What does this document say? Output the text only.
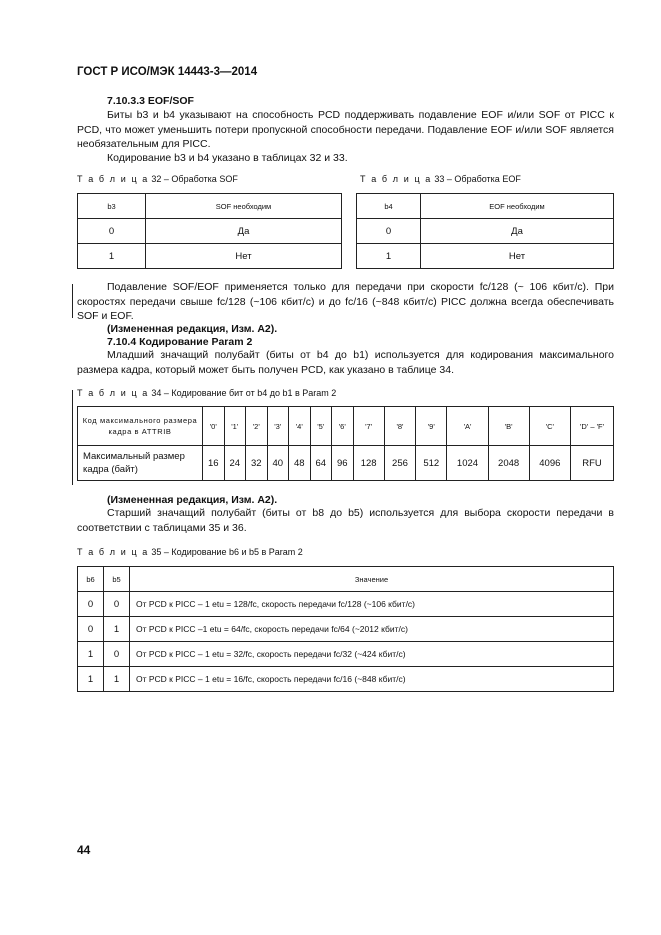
ГОСТ Р ИСО/МЭК 14443-3—2014
7.10.3.3 EOF/SOF
Биты b3 и b4 указывают на способность PCD поддерживать подавление EOF и/или SOF от PICC к PCD, что может уменьшить потери пропускной способности передачи. Подавление EOF и/или SOF является необязательным для PICC.
Кодирование b3 и b4 указано в таблицах 32 и 33.
Т а б л и ц а 32 – Обработка SOF
b3	SOF необходим
0	Да
1	Нет
Т а б л и ц а 33 – Обработка EOF
b4	EOF необходим
0	Да
1	Нет
Подавление SOF/EOF применяется только для передачи при скорости fc/128 (~ 106 кбит/с). При скоростях передачи свыше fc/128 (~106 кбит/с) и до fc/16 (~848 кбит/с) PICC должна всегда обеспечивать SOF и EOF.
(Измененная редакция, Изм. А2).
7.10.4 Кодирование Param 2
Младший значащий полубайт (биты от b4 до b1) используется для кодирования максимального размера кадра, который может быть получен PCD, как указано в таблице 34.
Т а б л и ц а 34 – Кодирование бит от b4 до b1 в Param 2
Код максимального размера кадра в ATTRIB	'0'	'1'	'2'	'3'	'4'	'5'	'6'	'7'	'8'	'9'	'A'	'B'	'C'	'D' – 'F'
Максимальный размер кадра (байт)	16	24	32	40	48	64	96	128	256	512	1024	2048	4096	RFU
(Измененная редакция, Изм. А2).
Старший значащий полубайт (биты от b8 до b5) используется для выбора скорости передачи в соответствии с таблицами 35 и 36.
Т а б л и ц а 35 – Кодирование b6 и b5 в Param 2
b6	b5	Значение
0	0	От PCD к PICC – 1 etu = 128/fc, скорость передачи fc/128 (~106 кбит/с)
0	1	От PCD к PICC –1 etu = 64/fc, скорость передачи fc/64 (~2012 кбит/с)
1	0	От PCD к PICC – 1 etu = 32/fc, скорость передачи fc/32 (~424 кбит/с)
1	1	От PCD к PICC – 1 etu = 16/fc, скорость передачи fc/16 (~848 кбит/с)
44
